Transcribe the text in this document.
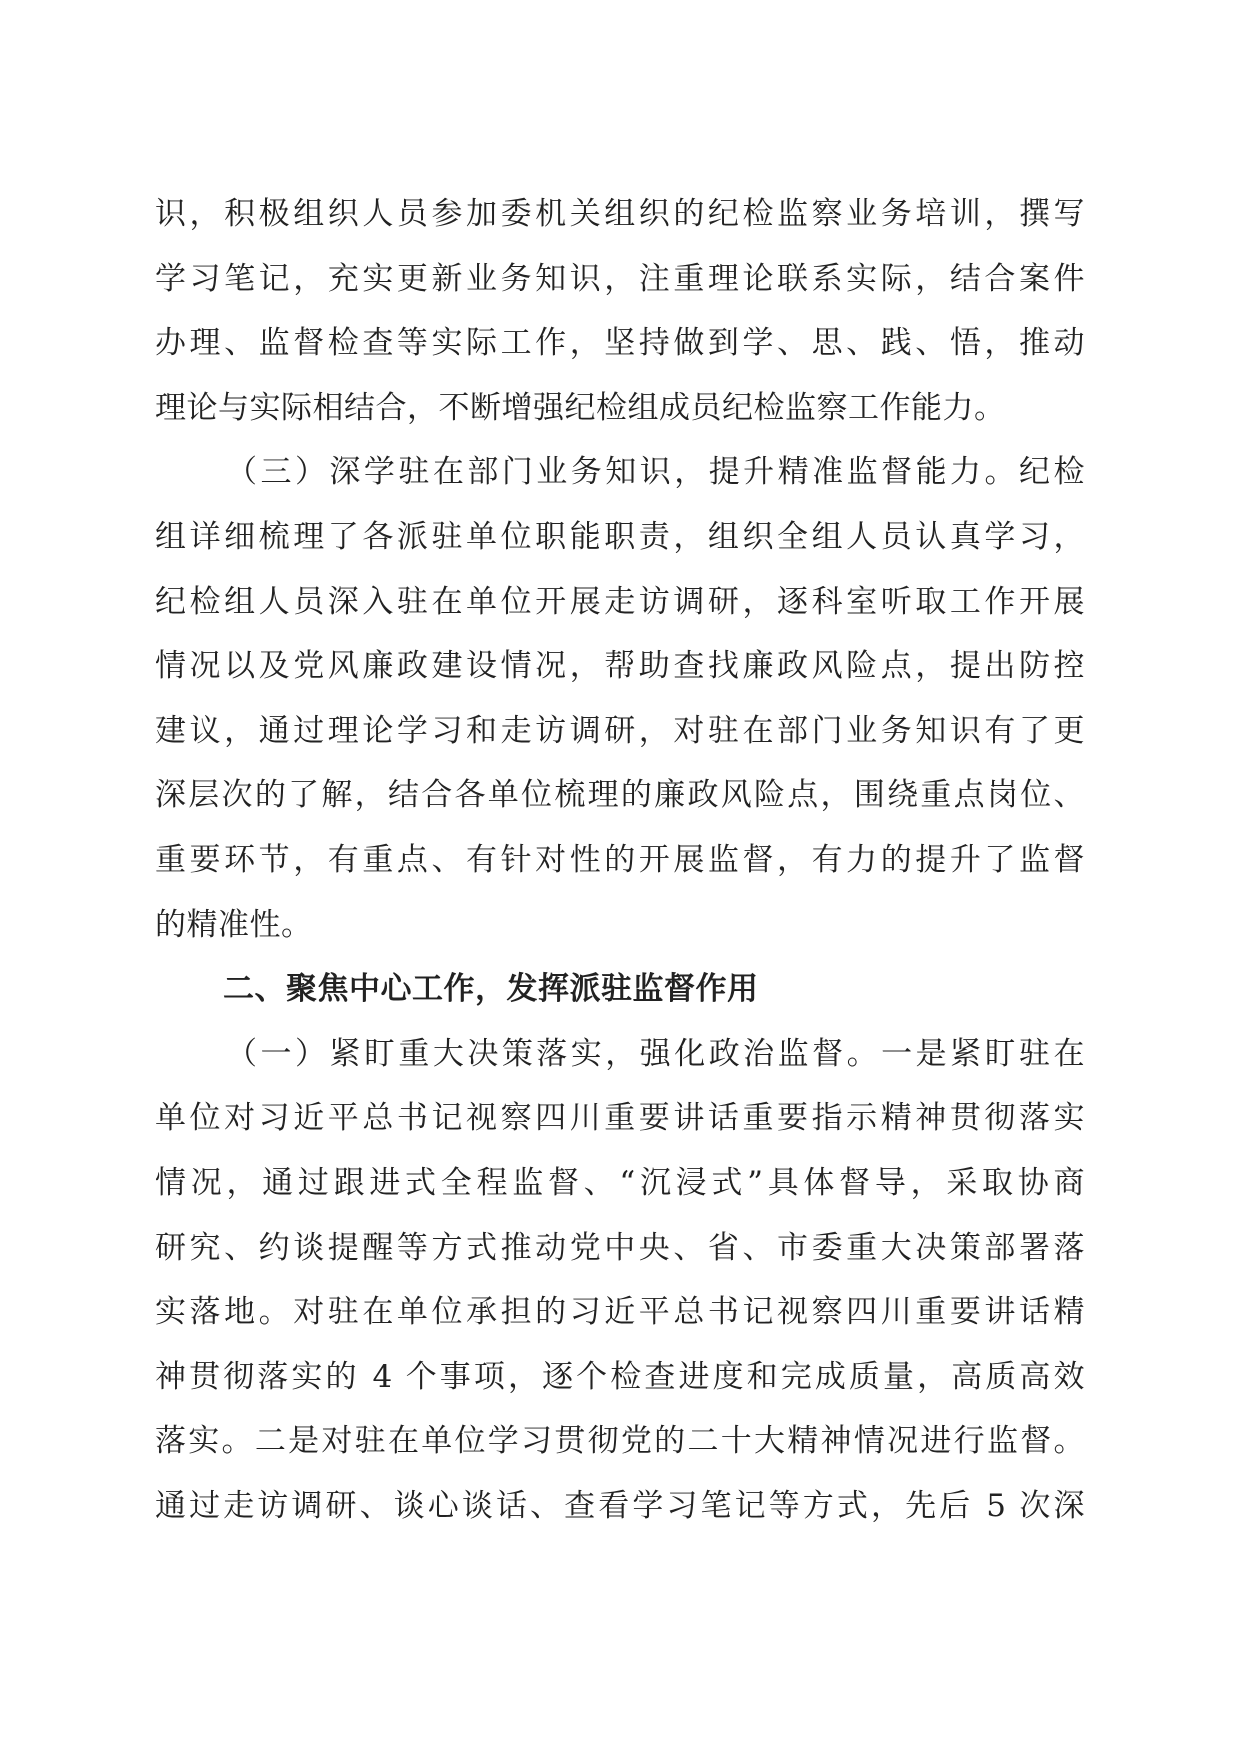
识，积极组织人员参加委机关组织的纪检监察业务培训，撰写
学习笔记，充实更新业务知识，注重理论联系实际，结合案件
办理、监督检查等实际工作，坚持做到学、思、践、悟，推动
理论与实际相结合，不断增强纪检组成员纪检监察工作能力。
（三）深学驻在部门业务知识，提升精准监督能力。纪检
组详细梳理了各派驻单位职能职责，组织全组人员认真学习，
纪检组人员深入驻在单位开展走访调研，逐科室听取工作开展
情况以及党风廉政建设情况，帮助查找廉政风险点，提出防控
建议，通过理论学习和走访调研，对驻在部门业务知识有了更
深层次的了解，结合各单位梳理的廉政风险点，围绕重点岗位、
重要环节，有重点、有针对性的开展监督，有力的提升了监督
的精准性。
二、聚焦中心工作，发挥派驻监督作用
（一）紧盯重大决策落实，强化政治监督。一是紧盯驻在
单位对习近平总书记视察四川重要讲话重要指示精神贯彻落实
情况，通过跟进式全程监督、“沉浸式”具体督导，采取协商
研究、约谈提醒等方式推动党中央、省、市委重大决策部署落
实落地。对驻在单位承担的习近平总书记视察四川重要讲话精
神贯彻落实的 4 个事项，逐个检查进度和完成质量，高质高效
落实。二是对驻在单位学习贯彻党的二十大精神情况进行监督。
通过走访调研、谈心谈话、查看学习笔记等方式，先后 5 次深
